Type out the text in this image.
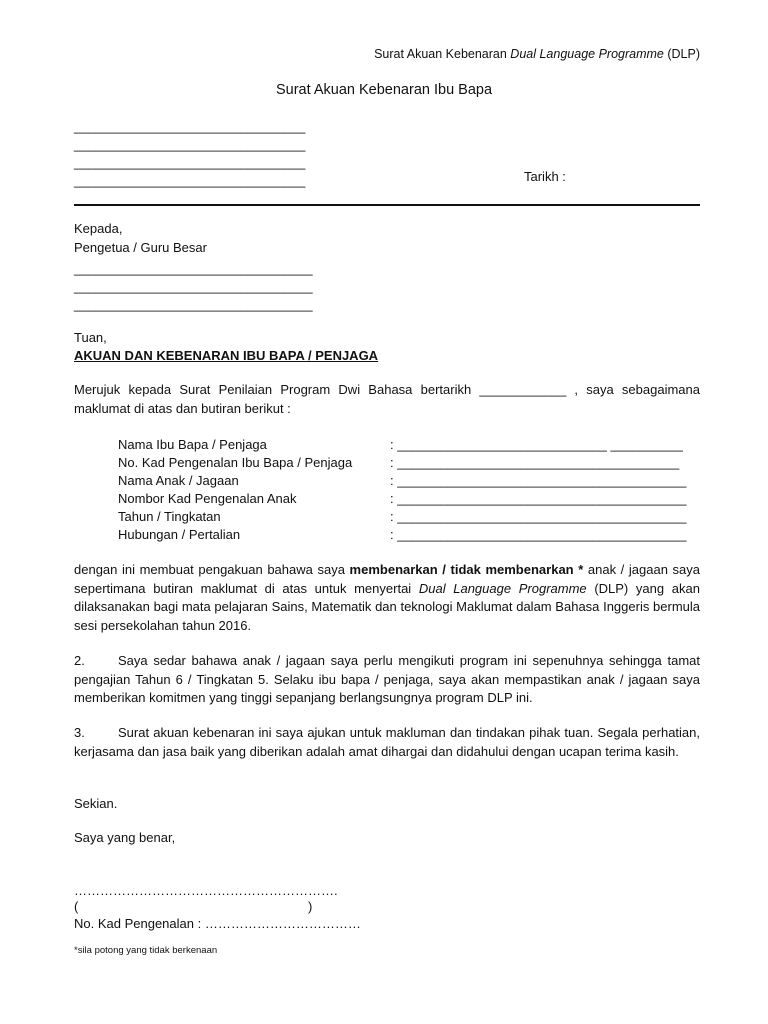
Surat Akuan Kebenaran Dual Language Programme (DLP)
Surat Akuan Kebenaran Ibu Bapa
________________________________
________________________________
________________________________
________________________________	Tarikh :
Kepada,
Pengetua / Guru Besar
_________________________________
_________________________________
_________________________________
Tuan,
AKUAN DAN KEBENARAN IBU BAPA / PENJAGA
Merujuk kepada Surat Penilaian Program Dwi Bahasa bertarikh ____________ , saya sebagaimana maklumat di atas dan butiran berikut :
Nama Ibu Bapa / Penjaga	: _____________________________ __________
No. Kad Pengenalan Ibu Bapa / Penjaga	: _______________________________________
Nama Anak / Jagaan	: ________________________________________
Nombor Kad Pengenalan Anak	: ________________________________________
Tahun / Tingkatan	: ________________________________________
Hubungan / Pertalian	: ________________________________________
dengan ini membuat pengakuan bahawa saya membenarkan / tidak membenarkan * anak / jagaan saya sepertimana butiran maklumat di atas untuk menyertai Dual Language Programme (DLP) yang akan dilaksanakan bagi mata pelajaran Sains, Matematik dan teknologi Maklumat dalam Bahasa Inggeris bermula sesi persekolahan tahun 2016.
2.	Saya sedar bahawa anak / jagaan saya perlu mengikuti program ini sepenuhnya sehingga tamat pengajian Tahun 6 / Tingkatan 5. Selaku ibu bapa / penjaga, saya akan mempastikan anak / jagaan saya memberikan komitmen yang tinggi sepanjang berlangsungnya program DLP ini.
3.	Surat akuan kebenaran ini saya ajukan untuk makluman dan tindakan pihak tuan. Segala perhatian, kerjasama dan jasa baik yang diberikan adalah amat dihargai dan didahului dengan ucapan terima kasih.
Sekian.
Saya yang benar,
…………………………………………………….
(	)
No. Kad Pengenalan : ………………………………
*sila potong yang tidak berkenaan
